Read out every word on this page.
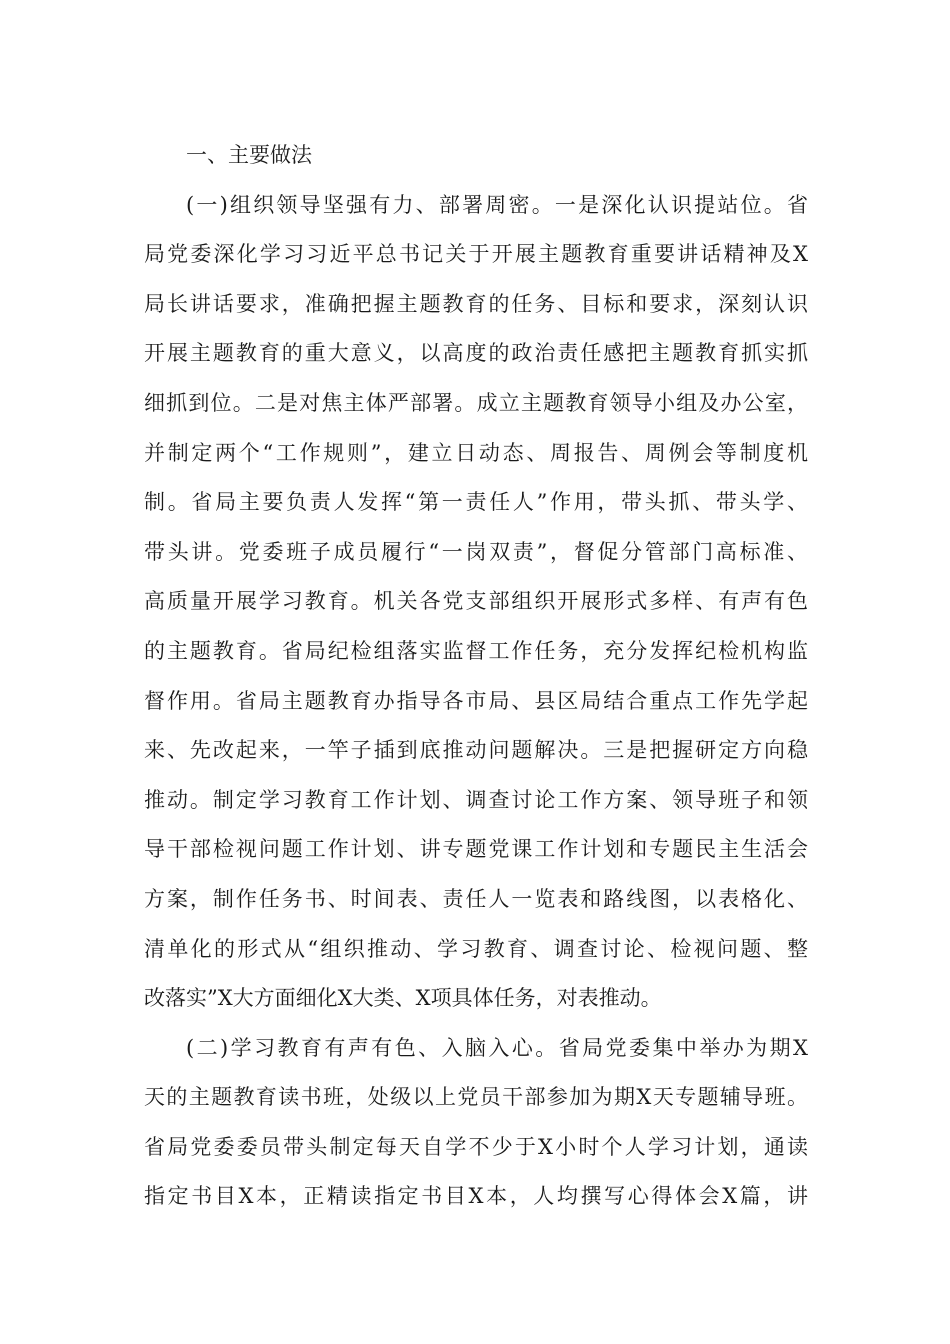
一、主要做法
(一)组织领导坚强有力、部署周密。一是深化认识提站位。省
局党委深化学习习近平总书记关于开展主题教育重要讲话精神及X
局长讲话要求，准确把握主题教育的任务、目标和要求，深刻认识
开展主题教育的重大意义，以高度的政治责任感把主题教育抓实抓
细抓到位。二是对焦主体严部署。成立主题教育领导小组及办公室，
并制定两个“工作规则”，建立日动态、周报告、周例会等制度机
制。省局主要负责人发挥“第一责任人”作用，带头抓、带头学、
带头讲。党委班子成员履行“一岗双责”，督促分管部门高标准、
高质量开展学习教育。机关各党支部组织开展形式多样、有声有色
的主题教育。省局纪检组落实监督工作任务，充分发挥纪检机构监
督作用。省局主题教育办指导各市局、县区局结合重点工作先学起
来、先改起来，一竿子插到底推动问题解决。三是把握研定方向稳
推动。制定学习教育工作计划、调查讨论工作方案、领导班子和领
导干部检视问题工作计划、讲专题党课工作计划和专题民主生活会
方案，制作任务书、时间表、责任人一览表和路线图，以表格化、
清单化的形式从“组织推动、学习教育、调查讨论、检视问题、整
改落实”X大方面细化X大类、X项具体任务，对表推动。
(二)学习教育有声有色、入脑入心。省局党委集中举办为期X
天的主题教育读书班，处级以上党员干部参加为期X天专题辅导班。
省局党委委员带头制定每天自学不少于X小时个人学习计划，通读
指定书目X本，正精读指定书目X本，人均撰写心得体会X篇，讲
